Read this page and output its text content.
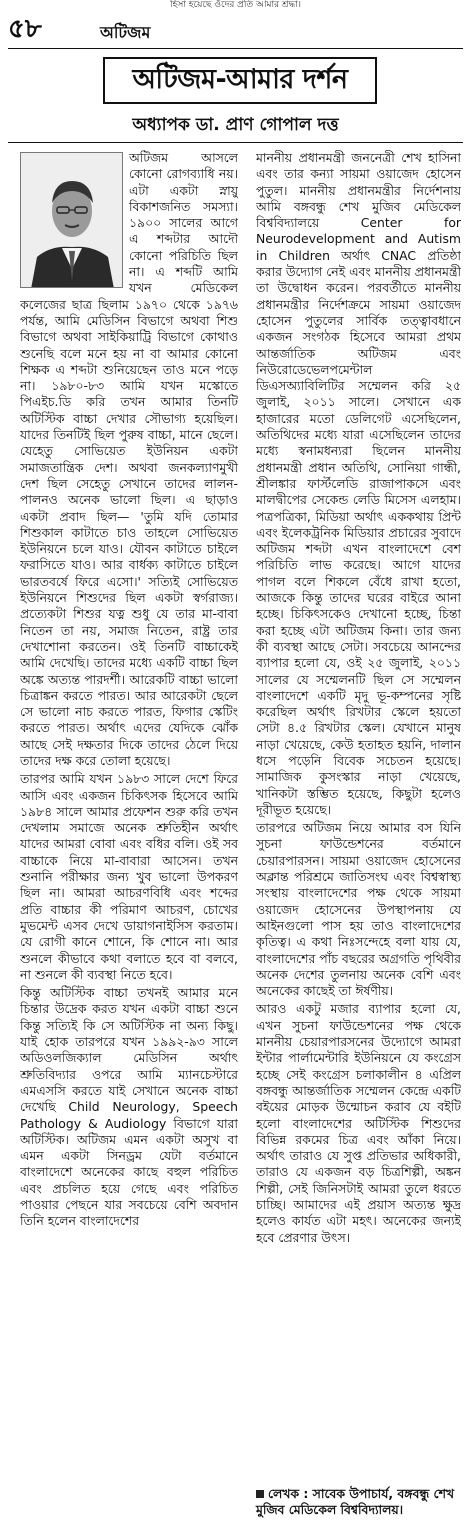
হিসা হয়েছে ওঁদের প্রতি আমার শ্রদ্ধা।
৫৮	অটিজম
অটিজম-আমার দর্শন
অধ্যাপক ডা. প্রাণ গোপাল দত্ত

অটিজম আসলে কোনো রোগব্যাধি নয়। এটা একটা স্নায়ু বিকাশজনিত সমস্যা। ১৯০০ সালের আগে এ শব্দটার আদৌ কোনো পরিচিতি ছিল না। এ শব্দটি আমি যখন মেডিকেল কলেজের ছাত্র ছিলাম ১৯৭০ থেকে ১৯৭৬ পর্যন্ত, আমি মেডিসিন বিভাগে অথবা শিশু বিভাগে অথবা সাইকিয়াট্রি বিভাগে কোথাও শুনেছি বলে মনে হয় না বা আমার কোনো শিক্ষক এ শব্দটা শুনিয়েছেন তাও মনে পড়ে না। ১৯৮০-৮৩ আমি যখন মস্কোতে পিএইচ.ডি করি তখন আমার তিনটি অটিস্টিক বাচ্চা দেখার সৌভাগ্য হয়েছিল। যাদের তিনটিই ছিল পুরুষ বাচ্চা, মানে ছেলে। যেহেতু সোভিয়েত ইউনিয়ন একটা সমাজতান্ত্রিক দেশ। অথবা জনকল্যাণমুখী দেশ ছিল সেহেতু সেখানে তাদের লালন-পালনও অনেক ভালো ছিল। এ ছাড়াও একটা প্রবাদ ছিল— 'তুমি যদি তোমার শিশুকাল কাটাতে চাও তাহলে সোভিয়েত ইউনিয়নে চলে যাও। যৌবন কাটাতে চাইলে ফরাসিতে যাও। আর বার্ধক্য কাটাতে চাইলে ভারতবর্ষে ফিরে এসো।' সত্যিই সোভিয়েত ইউনিয়নে শিশুদের ছিল একটা স্বর্গরাজ্য। প্রত্যেকটা শিশুর যত্ন শুধু যে তার মা-বাবা নিতেন তা নয়, সমাজ নিতেন, রাষ্ট্র তার দেখাশোনা করতেন। ওই তিনটি বাচ্চাকেই আমি দেখেছি। তাদের মধ্যে একটি বাচ্চা ছিল অঙ্কে অত্যন্ত পারদর্শী। আরেকটি বাচ্চা ভালো চিত্রাঙ্কন করতে পারত। আর আরেকটা ছেলে সে ভালো নাচ করতে পারত, ফিগার স্কেটিং করতে পারত। অর্থাৎ এদের যেদিকে ঝোঁক আছে সেই দক্ষতার দিকে তাদের ঠেলে দিয়ে তাদের দক্ষ করে তোলা হয়েছে।

তারপর আমি যখন ১৯৮৩ সালে দেশে ফিরে আসি এবং একজন চিকিৎসক হিসেবে আমি ১৯৮৪ সালে আমার প্রফেশন শুরু করি তখন দেখলাম সমাজে অনেক শ্রুতিহীন অর্থাৎ যাদের আমরা বোবা এবং বধির বলি। ওই সব বাচ্চাকে নিয়ে মা-বাবারা আসেন। তখন শুনানি পরীক্ষার জন্য খুব ভালো উপকরণ ছিল না। আমরা আচরণবিধি এবং শব্দের প্রতি বাচ্চার কী পরিমাণ আচরণ, চোখের মুভমেন্ট এসব দেখে ডায়াগনাইসিস করতাম। যে রোগী কানে শোনে, কি শোনে না। আর শুনলে কীভাবে কথা বলাতে হবে বা বলবে, না শুনলে কী ব্যবস্থা নিতে হবে।

কিন্তু অটিস্টিক বাচ্চা তখনই আমার মনে চিন্তার উদ্রেক করত যখন একটা বাচ্চা শুনে কিন্তু সত্যিই কি সে অটিস্টিক না অন্য কিছু। যাই হোক তারপরে যখন ১৯৯২-৯৩ সালে অডিওলজিক্যাল মেডিসিন অর্থাৎ শ্রুতিবিদ্যার ওপরে আমি ম্যানচেস্টারে এমএসসি করতে যাই সেখানে অনেক বাচ্চা দেখেছি Child Neurology, Speech Pathology & Audiology বিভাগে যারা অটিস্টিক। অটিজম এমন একটা অসুখ বা এমন একটা সিনড্রম যেটা বর্তমানে বাংলাদেশে অনেকের কাছে বহুল পরিচিত এবং প্রচলিত হয়ে গেছে এবং পরিচিত পাওয়ার পেছনে যার সবচেয়ে বেশি অবদান তিনি হলেন বাংলাদেশের

মাননীয় প্রধানমন্ত্রী জননেত্রী শেখ হাসিনা এবং তার কন্যা সায়মা ওয়াজেদ হোসেন পুতুল। মাননীয় প্রধানমন্ত্রীর নির্দেশনায় আমি বঙ্গবন্ধু শেখ মুজিব মেডিকেল বিশ্ববিদ্যালয়ে Center for Neurodevelopment and Autism in Children অর্থাৎ CNAC প্রতিষ্ঠা করার উদ্যোগ নেই এবং মাননীয় প্রধানমন্ত্রী তা উদ্বোধন করেন। পরবর্তীতে মাননীয় প্রধানমন্ত্রীর নির্দেশক্রমে সায়মা ওয়াজেদ হোসেন পুতুলের সার্বিক তত্ত্বাবধানে একজন সংগঠক হিসেবে আমরা প্রথম আন্তর্জাতিক অটিজম এবং নিউরোডেভেলপমেন্টাল ডিএসঅ্যাবিলিটির সম্মেলন করি ২৫ জুলাই, ২০১১ সালে। সেখানে এক হাজারের মতো ডেলিগেট এসেছিলেন, অতিথিদের মধ্যে যারা এসেছিলেন তাদের মধ্যে স্বনামধন্যরা ছিলেন মাননীয় প্রধানমন্ত্রী প্রধান অতিথি, সোনিয়া গান্ধী, শ্রীলঙ্কার ফার্স্টলেডি রাজাপাকসে এবং মালদ্বীপের সেকেন্ড লেডি মিসেস এলহাম। পত্রপত্রিকা, মিডিয়া অর্থাৎ এককথায় প্রিন্ট এবং ইলেকট্রনিক মিডিয়ার প্রচারের সুবাদে অটিজম শব্দটা এখন বাংলাদেশে বেশ পরিচিতি লাভ করেছে। আগে যাদের পাগল বলে শিকলে বেঁধে রাখা হতো, আজকে কিন্তু তাদের ঘরের বাইরে আনা হচ্ছে। চিকিৎসকেও দেখানো হচ্ছে, চিন্তা করা হচ্ছে এটা অটিজম কিনা। তার জন্য কী ব্যবস্থা আছে সেটা। সবচেয়ে আনন্দের ব্যাপার হলো যে, ওই ২৫ জুলাই, ২০১১ সালের যে সম্মেলনটি ছিল সে সম্মেলন বাংলাদেশে একটি মৃদু ভূ-কম্পনের সৃষ্টি করেছিল অর্থাৎ রিখটার স্কেলে হয়তো সেটা ৪.৫ রিখটার স্কেল। যেখানে মানুষ নাড়া খেয়েছে, কেউ হতাহত হয়নি, দালান ধসে পড়েনি বিবেক সচেতন হয়েছে। সামাজিক কুসংস্কার নাড়া খেয়েছে, খানিকটা স্তম্ভিত হয়েছে, কিছুটা হলেও দূরীভূত হয়েছে।

তারপরে অটিজম নিয়ে আমার বস যিনি সুচনা ফাউন্ডেশনের বর্তমানে চেয়ারপারসন। সায়মা ওয়াজেদ হোসেনের অক্লান্ত পরিশ্রমে জাতিসংঘ এবং বিশ্বস্বাস্থ্য সংস্থায় বাংলাদেশের পক্ষ থেকে সায়মা ওয়াজেদ হোসেনের উপস্থাপনায় যে আইনগুলো পাস হয় তাও বাংলাদেশের কৃতিত্ব। এ কথা নিঃসন্দেহে বলা যায় যে, বাংলাদেশের পাঁচ বছরের অগ্রগতি পৃথিবীর অনেক দেশের তুলনায় অনেক বেশি এবং অনেকের কাছেই তা ঈর্ষণীয়।

আরও একটু মজার ব্যাপার হলো যে, এখন সুচনা ফাউন্ডেশনের পক্ষ থেকে মাননীয় চেয়ারপারসনের উদ্যোগে আমরা ইন্টার পার্লামেন্টারি ইউনিয়নে যে কংগ্রেস হচ্ছে সেই কংগ্রেস চলাকালীন ৪ এপ্রিল বঙ্গবন্ধু আন্তর্জাতিক সম্মেলন কেন্দ্রে একটি বইয়ের মোড়ক উন্মোচন করাব যে বইটি হলো বাংলাদেশের অটিস্টিক শিশুদের বিভিন্ন রকমের চিত্র এবং আঁকা নিয়ে। অর্থাৎ তারাও যে সুপ্ত প্রতিভার অধিকারী, তারাও যে একজন বড় চিত্রশিল্পী, অঙ্কন শিল্পী, সেই জিনিসটাই আমরা তুলে ধরতে চাচ্ছি। আমাদের এই প্রয়াস অত্যন্ত ক্ষুদ্র হলেও কার্যত এটা মহৎ। অনেকের জন্যই হবে প্রেরণার উৎস।

লেখক : সাবেক উপাচার্য, বঙ্গবন্ধু শেখ মুজিব মেডিকেল বিশ্ববিদ্যালয়।
